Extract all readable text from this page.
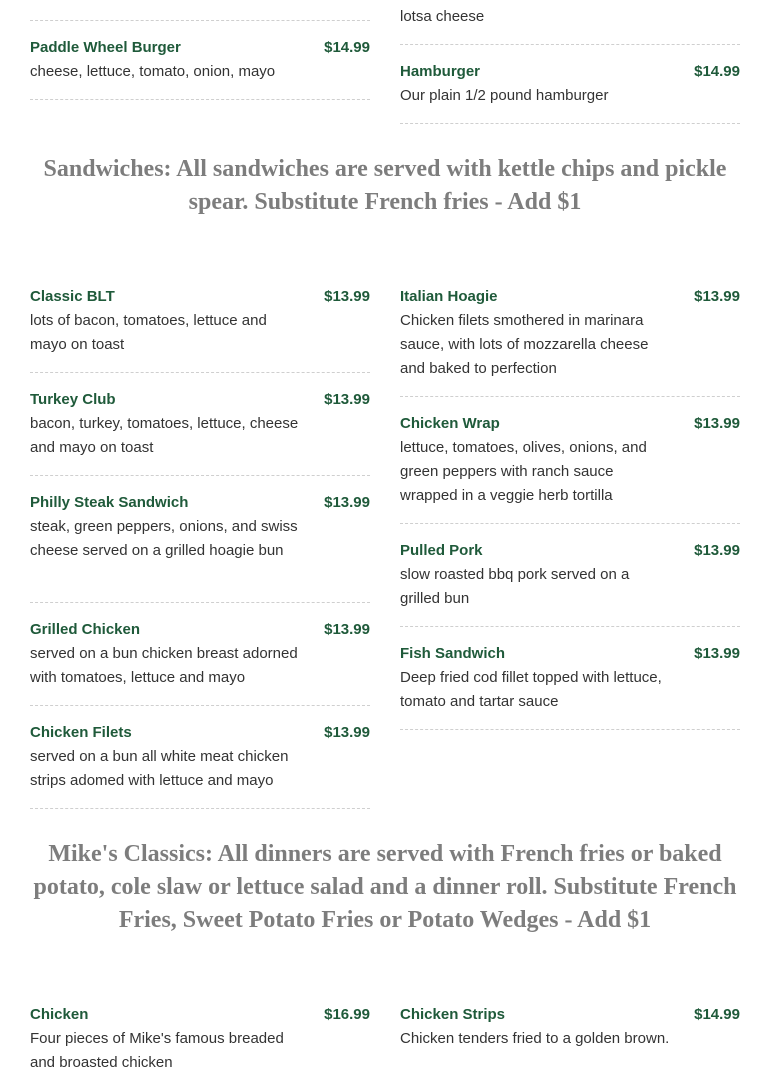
Paddle Wheel Burger	$14.99
cheese, lettuce, tomato, onion, mayo
lotsa cheese
Hamburger	$14.99
Our plain 1/2 pound hamburger
Sandwiches: All sandwiches are served with kettle chips and pickle spear. Substitute French fries - Add $1
Classic BLT	$13.99
lots of bacon, tomatoes, lettuce and mayo on toast
Turkey Club	$13.99
bacon, turkey, tomatoes, lettuce, cheese and mayo on toast
Philly Steak Sandwich	$13.99
steak, green peppers, onions, and swiss cheese served on a grilled hoagie bun
Grilled Chicken	$13.99
served on a bun chicken breast adorned with tomatoes, lettuce and mayo
Chicken Filets	$13.99
served on a bun all white meat chicken strips adomed with lettuce and mayo
Italian Hoagie	$13.99
Chicken filets smothered in marinara sauce, with lots of mozzarella cheese and baked to perfection
Chicken Wrap	$13.99
lettuce, tomatoes, olives, onions, and green peppers with ranch sauce wrapped in a veggie herb tortilla
Pulled Pork	$13.99
slow roasted bbq pork served on a grilled bun
Fish Sandwich	$13.99
Deep fried cod fillet topped with lettuce, tomato and tartar sauce
Mike's Classics: All dinners are served with French fries or baked potato, cole slaw or lettuce salad and a dinner roll. Substitute French Fries, Sweet Potato Fries or Potato Wedges - Add $1
Chicken	$16.99
Four pieces of Mike's famous breaded and broasted chicken
Chicken Strips	$14.99
Chicken tenders fried to a golden brown.
